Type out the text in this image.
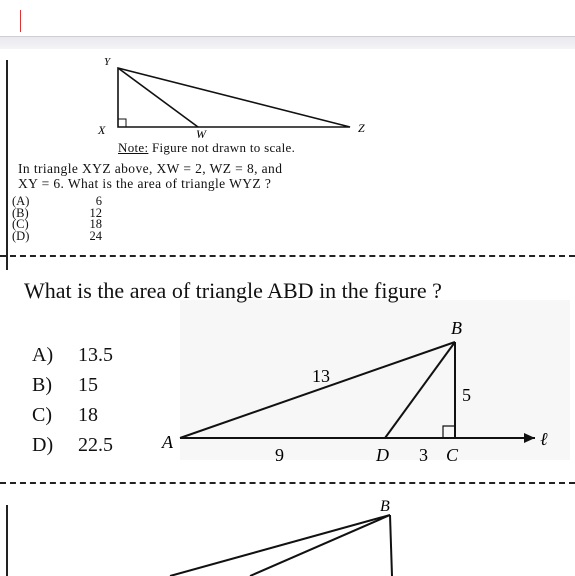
Y
X	W	Z
Note: Figure not drawn to scale.
In triangle XYZ above, XW = 2, WZ = 8, and
XY = 6. What is the area of triangle WYZ ?
(A)	6
(B)	12
(C)	18
(D)	24
What is the area of triangle ABD in the figure ?
A)	13.5
B)	15
C)	18
D)	22.5
B
A
D	C
ℓ
13
5
9	3
B
